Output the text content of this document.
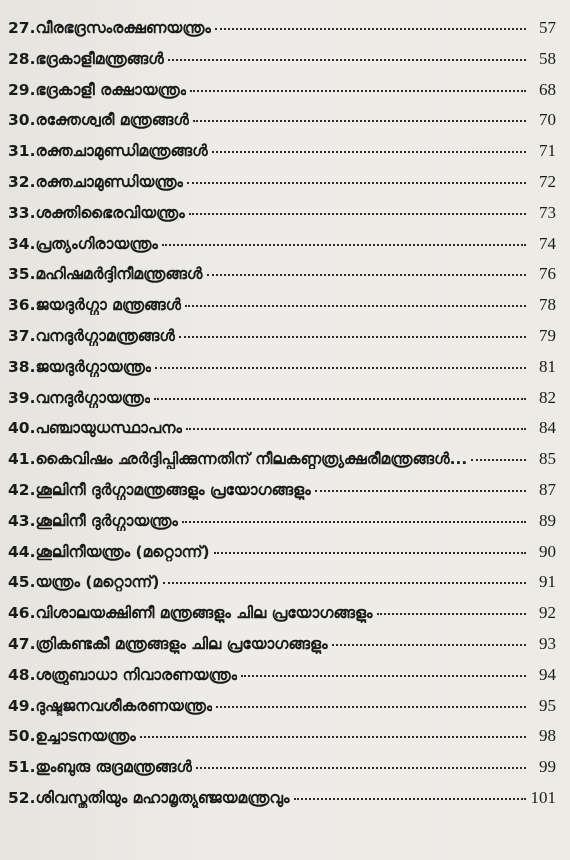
27. വീരഭദ്രസംരക്ഷണയന്ത്രം	57
28. ഭദ്രകാളീമന്ത്രങ്ങൾ	58
29. ഭദ്രകാളീ രക്ഷായന്ത്രം	68
30. രക്തേശ്വരീ മന്ത്രങ്ങൾ	70
31. രക്തചാമുണ്ഡിമന്ത്രങ്ങൾ	71
32. രക്തചാമുണ്ഡിയന്ത്രം	72
33. ശക്തിഭൈരവിയന്ത്രം	73
34. പ്രത്യംഗിരായന്ത്രം	74
35. മഹിഷമർദ്ദിനീമന്ത്രങ്ങൾ	76
36. ജയദുർഗ്ഗാ മന്ത്രങ്ങൾ	78
37. വനദുർഗ്ഗാമന്ത്രങ്ങൾ	79
38. ജയദുർഗ്ഗായന്ത്രം	81
39. വനദുർഗ്ഗായന്ത്രം	82
40. പഞ്ചായുധസ്ഥാപനം	84
41. കൈവിഷം ഛർദ്ദിപ്പിക്കുന്നതിന് നീലകണ്ഠത്ര്യക്ഷരീമന്ത്രങ്ങൾ...	85
42. ശൂലിനീ ദുർഗ്ഗാമന്ത്രങ്ങളും പ്രയോഗങ്ങളും	87
43. ശൂലിനീ ദുർഗ്ഗായന്ത്രം	89
44. ശൂലിനീയന്ത്രം (മറ്റൊന്ന്)	90
45. യന്ത്രം (മറ്റൊന്ന്)	91
46. വിശാലയക്ഷിണീ മന്ത്രങ്ങളും ചില പ്രയോഗങ്ങളും	92
47. ത്രികണ്ടകീ മന്ത്രങ്ങളും ചില പ്രയോഗങ്ങളും	93
48. ശത്രുബാധാ നിവാരണയന്ത്രം	94
49. ദുഷ്ടജനവശീകരണയന്ത്രം	95
50. ഉച്ചാടനയന്ത്രം	98
51. തുംബുരു രുദ്രമന്ത്രങ്ങൾ	99
52. ശിവസ്തുതിയും മഹാമൃത്യുഞ്ജയമന്ത്രവും	101
